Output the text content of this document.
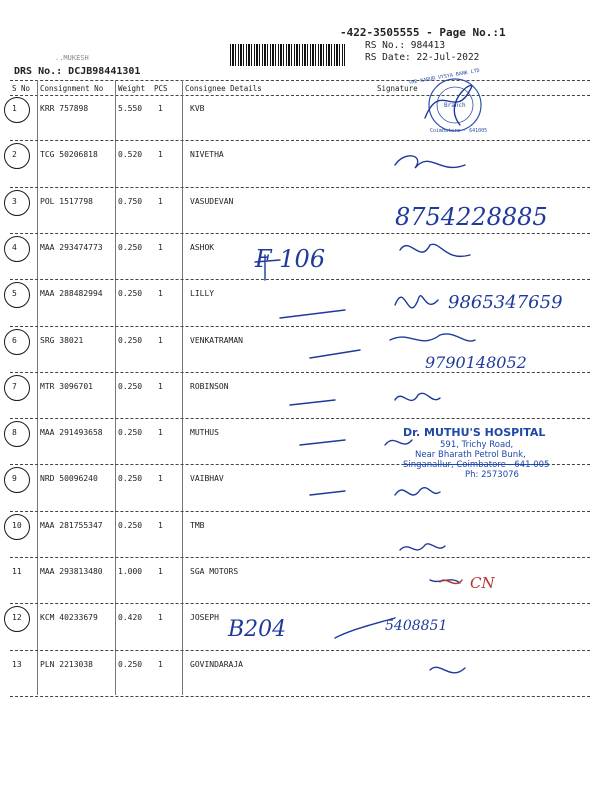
-422-3505555 - Page No.:1
RS No.: 984413
RS Date: 22-Jul-2022
..MUKESH
DRS No.: DCJB98441301
S No Consignment No Weight PCS Consignee Details	Signature
1	KRR 757898	5.550 1	KVB
2	TCG 50206818	0.520 1	NIVETHA
3	POL 1517798	0.750 1	VASUDEVAN
4	MAA 293474773 0.250 1	ASHOK
5	MAA 288482994 0.250 1	LILLY
6	SRG 38021	0.250 1	VENKATRAMAN
7	MTR 3096701	0.250 1	ROBINSON
8	MAA 291493658 0.250 1	MUTHUS
9	NRD 50096240	0.250 1	VAIBHAV
10 MAA 281755347 0.250 1	TMB
11 MAA 293813480 1.000 1	SGA MOTORS
12 KCM 40233679	0.420 1	JOSEPH
13 PLN 2213038	0.250 1	GOVINDARAJA
8754228885
F 106
9865347659
9790148052
CN
B204	5408851
Dr. MUTHU'S HOSPITAL
591, Trichy Road,
Near Bharath Petrol Bunk,
Singanallur, Coimbatore - 641 005
Ph: 2573076
THE KARUR VYSYA BANK LTD
Branch
Coimbatore - 641005
